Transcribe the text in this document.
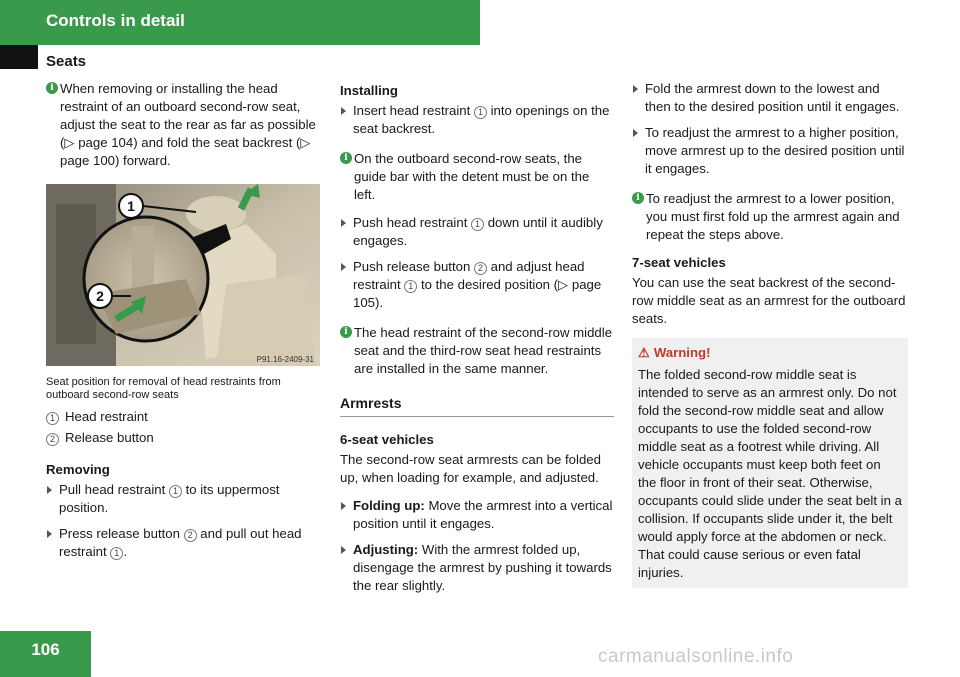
Controls in detail
Seats

i When removing or installing the head restraint of an outboard second-row seat, adjust the seat to the rear as far as possible (▷ page 104) and fold the seat backrest (▷ page 100) forward.

1
2
P91.16-2409-31

Seat position for removal of head restraints from outboard second-row seats

1 Head restraint
2 Release button

Removing

Pull head restraint 1 to its uppermost position.
Press release button 2 and pull out head restraint 1 .

Installing

Insert head restraint 1 into openings on the seat backrest.

i On the outboard second-row seats, the guide bar with the detent must be on the left.

Push head restraint 1 down until it audibly engages.
Push release button 2 and adjust head restraint 1 to the desired position (▷ page 105).

i The head restraint of the second-row middle seat and the third-row seat head restraints are installed in the same manner.

Armrests

6-seat vehicles

The second-row seat armrests can be folded up, when loading for example, and adjusted.

Folding up: Move the armrest into a vertical position until it engages.
Adjusting: With the armrest folded up, disengage the armrest by pushing it towards the rear slightly.
Fold the armrest down to the lowest and then to the desired position until it engages.
To readjust the armrest to a higher position, move armrest up to the desired position until it engages.

i To readjust the armrest to a lower position, you must first fold up the armrest again and repeat the steps above.

7-seat vehicles

You can use the seat backrest of the second-row middle seat as an armrest for the outboard seats.

⚠ Warning!
The folded second-row middle seat is intended to serve as an armrest only. Do not fold the second-row middle seat and allow occupants to use the folded second-row middle seat as a footrest while driving. All vehicle occupants must keep both feet on the floor in front of their seat. Otherwise, occupants could slide under the seat belt in a collision. If occupants slide under it, the belt would apply force at the abdomen or neck. That could cause serious or even fatal injuries.
106	carmanualsonline.info
